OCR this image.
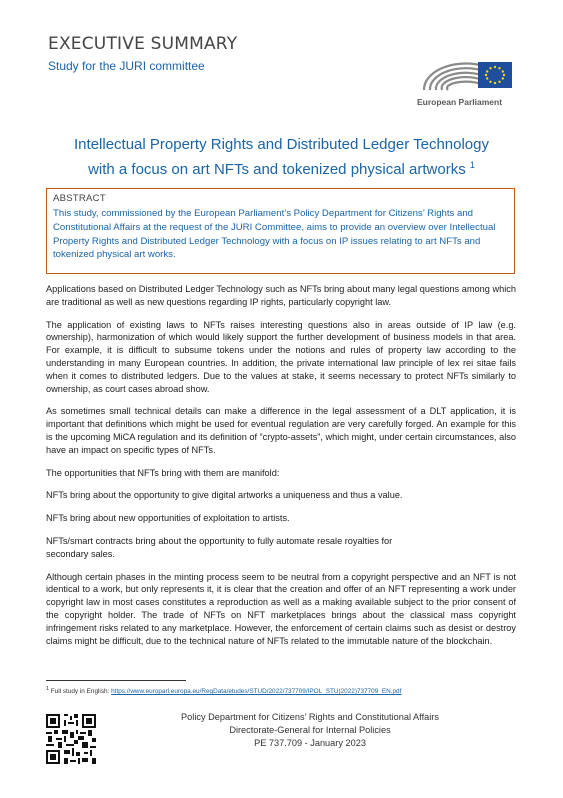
EXECUTIVE SUMMARY
Study for the JURI committee
European Parliament
Intellectual Property Rights and Distributed Ledger Technology
with a focus on art NFTs and tokenized physical artworks $^1$
ABSTRACT
This study, commissioned by the European Parliament’s Policy Department for Citizens’ Rights and Constitutional Affairs at the request of the JURI Committee, aims to provide an overview over Intellectual Property Rights and Distributed Ledger Technology with a focus on IP issues relating to art NFTs and tokenized physical art works.

Applications based on Distributed Ledger Technology such as NFTs bring about many legal questions among which are traditional as well as new questions regarding IP rights, particularly copyright law.

The application of existing laws to NFTs raises interesting questions also in areas outside of IP law (e.g. ownership), harmonization of which would likely support the further development of business models in that area. For example, it is difficult to subsume tokens under the notions and rules of property law according to the understanding in many European countries. In addition, the private international law principle of lex rei sitae fails when it comes to distributed ledgers. Due to the values at stake, it seems necessary to protect NFTs similarly to ownership, as court cases abroad show.

As sometimes small technical details can make a difference in the legal assessment of a DLT application, it is important that definitions which might be used for eventual regulation are very carefully forged. An example for this is the upcoming MiCA regulation and its definition of “crypto-assets”, which might, under certain circumstances, also have an impact on specific types of NFTs.

The opportunities that NFTs bring with them are manifold:

NFTs bring about the opportunity to give digital artworks a uniqueness and thus a value.

NFTs bring about new opportunities of exploitation to artists.

NFTs/smart contracts bring about the opportunity to fully automate resale royalties for secondary sales.

Although certain phases in the minting process seem to be neutral from a copyright perspective and an NFT is not identical to a work, but only represents it, it is clear that the creation and offer of an NFT representing a work under copyright law in most cases constitutes a reproduction as well as a making available subject to the prior consent of the copyright holder. The trade of NFTs on NFT marketplaces brings about the classical mass copyright infringement risks related to any marketplace. However, the enforcement of certain claims such as desist or destroy claims might be difficult, due to the technical nature of NFTs related to the immutable nature of the blockchain.

$^1$ Full study in English: https://www.europarl.europa.eu/RegData/etudes/STUD/2022/737709/IPOL_STU(2022)737709_EN.pdf
Policy Department for Citizens’ Rights and Constitutional Affairs
Directorate-General for Internal Policies
PE 737.709 - January 2023
